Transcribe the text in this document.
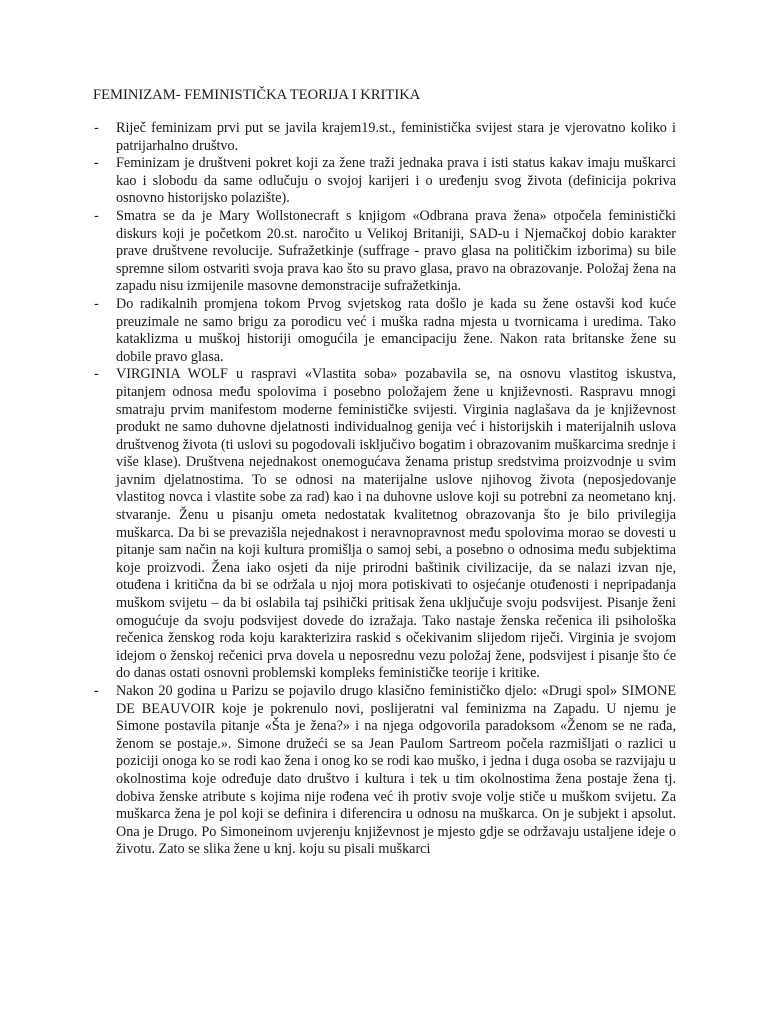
FEMINIZAM- FEMINISTIČKA TEORIJA I KRITIKA

- Riječ feminizam prvi put se javila krajem19.st., feministička svijest stara je vjerovatno koliko i patrijarhalno društvo.

- Feminizam je društveni pokret koji za žene traži jednaka prava i isti status kakav imaju muškarci kao i slobodu da same odlučuju o svojoj karijeri i o uređenju svog života (definicija pokriva osnovno historijsko polazište).

- Smatra se da je Mary Wollstonecraft s knjigom «Odbrana prava žena» otpočela feministički diskurs koji je početkom 20.st. naročito u Velikoj Britaniji, SAD-u i Njemačkoj dobio karakter prave društvene revolucije. Sufražetkinje (suffrage - pravo glasa na političkim izborima) su bile spremne silom ostvariti svoja prava kao što su pravo glasa, pravo na obrazovanje. Položaj žena na zapadu nisu izmijenile masovne demonstracije sufražetkinja.

- Do radikalnih promjena tokom Prvog svjetskog rata došlo je kada su žene ostavši kod kuće preuzimale ne samo brigu za porodicu već i muška radna mjesta u tvornicama i uredima. Tako kataklizma u muškoj historiji omogućila je emancipaciju žene. Nakon rata britanske žene su dobile pravo glasa.

- VIRGINIA WOLF u raspravi «Vlastita soba» pozabavila se, na osnovu vlastitog iskustva, pitanjem odnosa među spolovima i posebno položajem žene u književnosti. Raspravu mnogi smatraju prvim manifestom moderne feminističke svijesti. Virginia naglašava da je književnost produkt ne samo duhovne djelatnosti individualnog genija već i historijskih i materijalnih uslova društvenog života (ti uslovi su pogodovali isključivo bogatim i obrazovanim muškarcima srednje i više klase). Društvena nejednakost onemogućava ženama pristup sredstvima proizvodnje u svim javnim djelatnostima. To se odnosi na materijalne uslove njihovog života (neposjedovanje vlastitog novca i vlastite sobe za rad) kao i na duhovne uslove koji su potrebni za neometano knj. stvaranje. Ženu u pisanju ometa nedostatak kvalitetnog obrazovanja što je bilo privilegija muškarca. Da bi se prevazišla nejednakost i neravnopravnost među spolovima morao se dovesti u pitanje sam način na koji kultura promišlja o samoj sebi, a posebno o odnosima među subjektima koje proizvodi. Žena iako osjeti da nije prirodni baštinik civilizacije, da se nalazi izvan nje, otuđena i kritična da bi se održala u njoj mora potiskivati to osjećanje otuđenosti i nepripadanja muškom svijetu – da bi oslabila taj psihički pritisak žena uključuje svoju podsvijest. Pisanje ženi omogućuje da svoju podsvijest dovede do izražaja. Tako nastaje ženska rečenica ili psihološka rečenica ženskog roda koju karakterizira raskid s očekivanim slijedom riječi. Virginia je svojom idejom o ženskoj rečenici prva dovela u neposrednu vezu položaj žene, podsvijest i pisanje što će do danas ostati osnovni problemski kompleks feminističke teorije i kritike.

- Nakon 20 godina u Parizu se pojavilo drugo klasično feminističko djelo: «Drugi spol» SIMONE DE BEAUVOIR koje je pokrenulo novi, poslijeratni val feminizma na Zapadu. U njemu je Simone postavila pitanje «Šta je žena?» i na njega odgovorila paradoksom «Ženom se ne rađa, ženom se postaje.». Simone družeći se sa Jean Paulom Sartreom počela razmišljati o razlici u poziciji onoga ko se rodi kao žena i onog ko se rodi kao muško, i jedna i duga osoba se razvijaju u okolnostima koje određuje dato društvo i kultura i tek u tim okolnostima žena postaje žena tj. dobiva ženske atribute s kojima nije rođena već ih protiv svoje volje stiče u muškom svijetu. Za muškarca žena je pol koji se definira i diferencira u odnosu na muškarca. On je subjekt i apsolut. Ona je Drugo. Po Simoneinom uvjerenju književnost je mjesto gdje se održavaju ustaljene ideje o životu. Zato se slika žene u knj. koju su pisali muškarci
